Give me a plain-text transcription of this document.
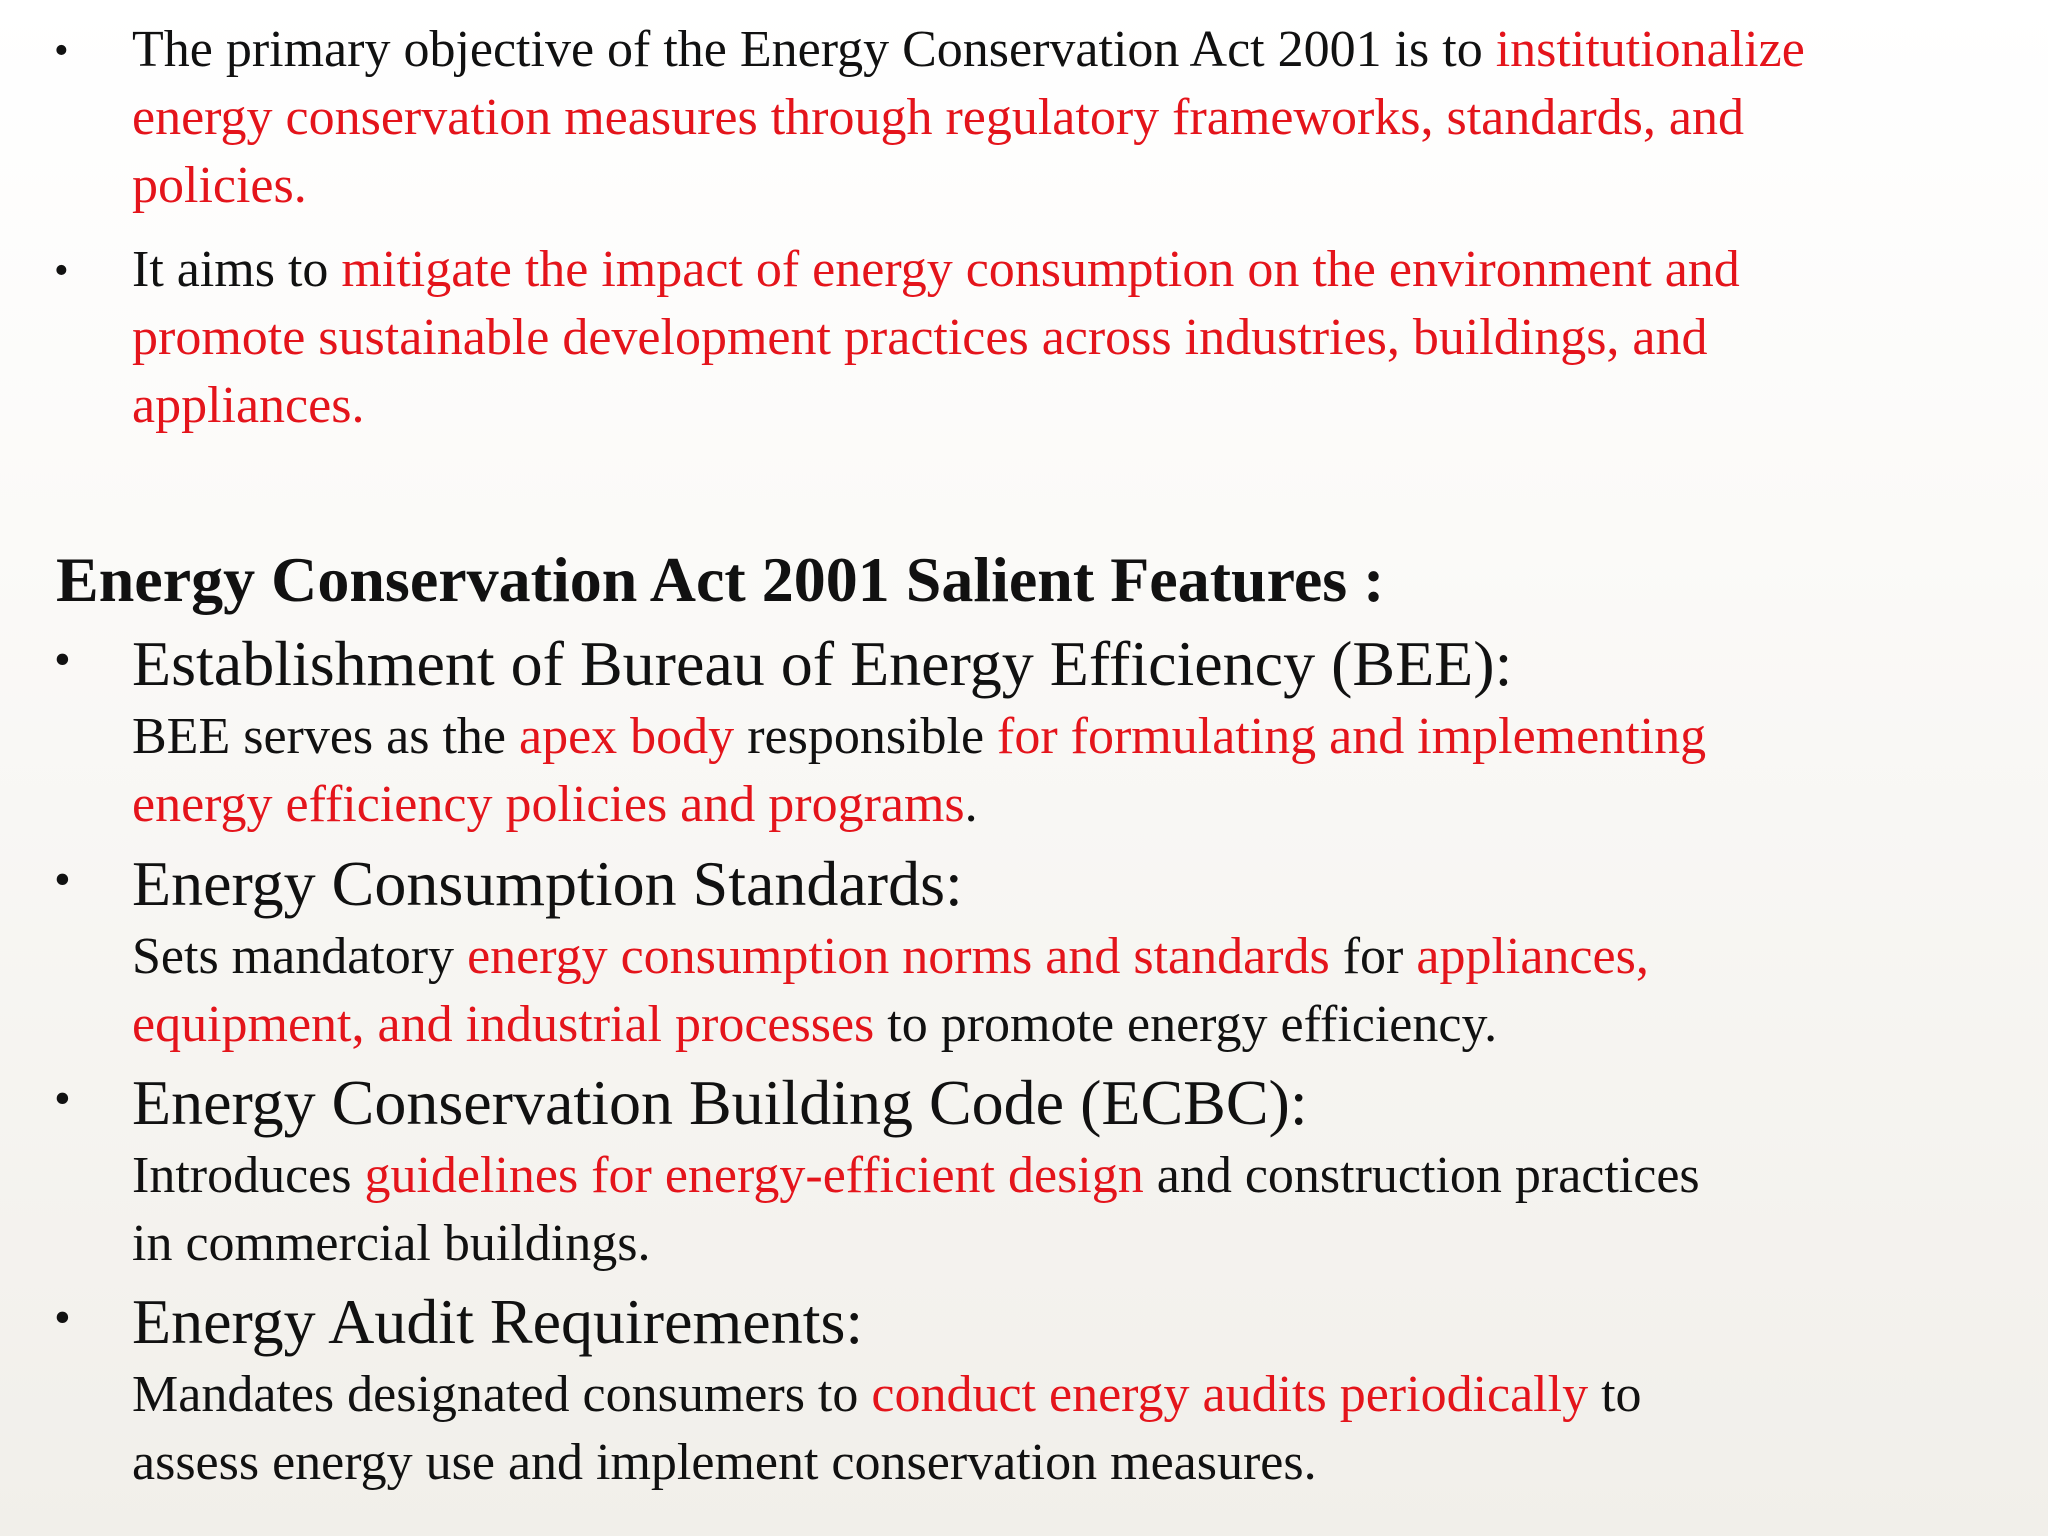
• The primary objective of the Energy Conservation Act 2001 is to institutionalize
energy conservation measures through regulatory frameworks, standards, and
policies.
• It aims to mitigate the impact of energy consumption on the environment and
promote sustainable development practices across industries, buildings, and
appliances.
Energy Conservation Act 2001 Salient Features :
• Establishment of Bureau of Energy Efficiency (BEE):
BEE serves as the apex body responsible for formulating and implementing
energy efficiency policies and programs.
• Energy Consumption Standards:
Sets mandatory energy consumption norms and standards for appliances,
equipment, and industrial processes to promote energy efficiency.
• Energy Conservation Building Code (ECBC):
Introduces guidelines for energy-efficient design and construction practices
in commercial buildings.
• Energy Audit Requirements:
Mandates designated consumers to conduct energy audits periodically to
assess energy use and implement conservation measures.
